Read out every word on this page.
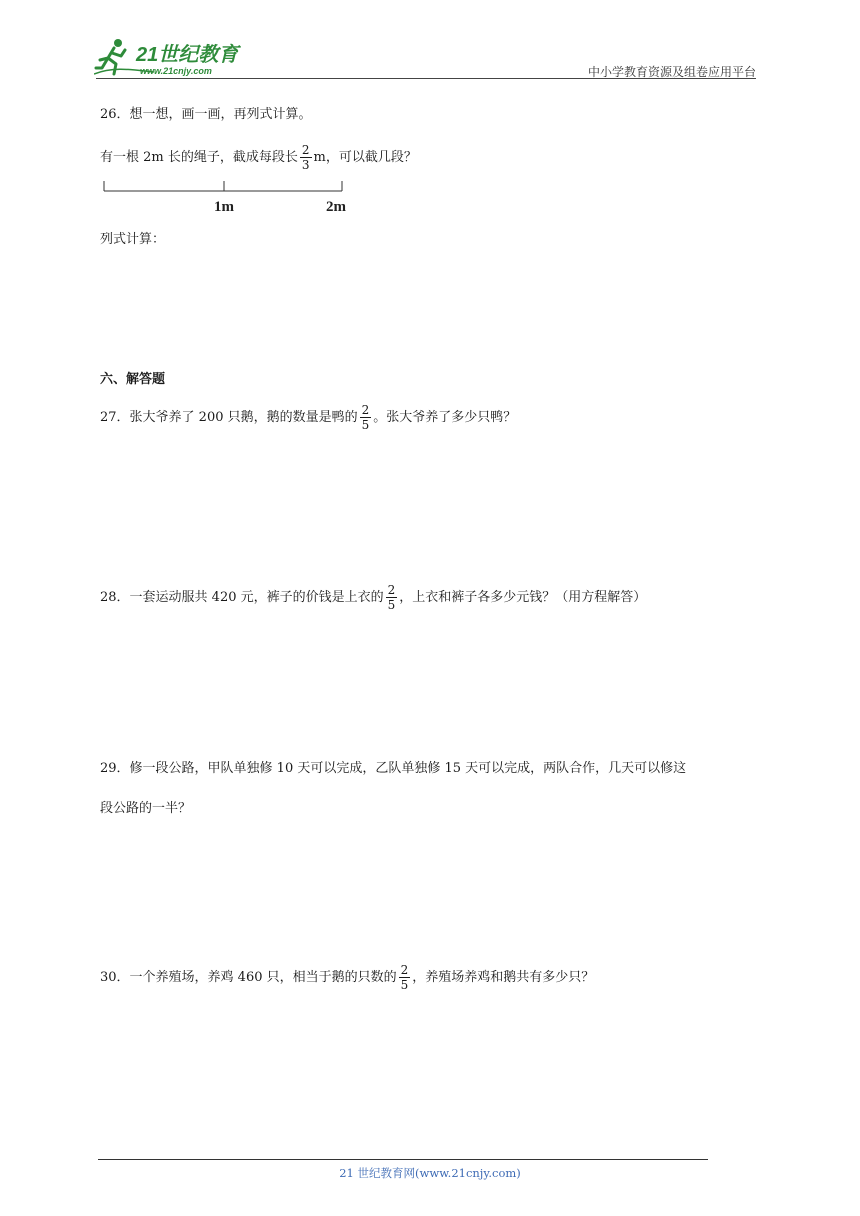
21世纪教育
www.21cnjy.com	中小学教育资源及组卷应用平台
26．想一想，画一画，再列式计算。
有一根 2m 长的绳子，截成每段长 $\frac{2}{3}$ m，可以截几段？
1m	2m
列式计算：
六、解答题
27．张大爷养了 200 只鹅，鹅的数量是鸭的 $\frac{2}{5}$ 。张大爷养了多少只鸭？
28．一套运动服共 420 元，裤子的价钱是上衣的 $\frac{2}{5}$ ，上衣和裤子各多少元钱？（用方程解答）
29．修一段公路，甲队单独修 10 天可以完成，乙队单独修 15 天可以完成，两队合作，几天可以修这
段公路的一半？
30．一个养殖场，养鸡 460 只，相当于鹅的只数的 $\frac{2}{5}$ ，养殖场养鸡和鹅共有多少只？
21 世纪教育网(www.21cnjy.com)
